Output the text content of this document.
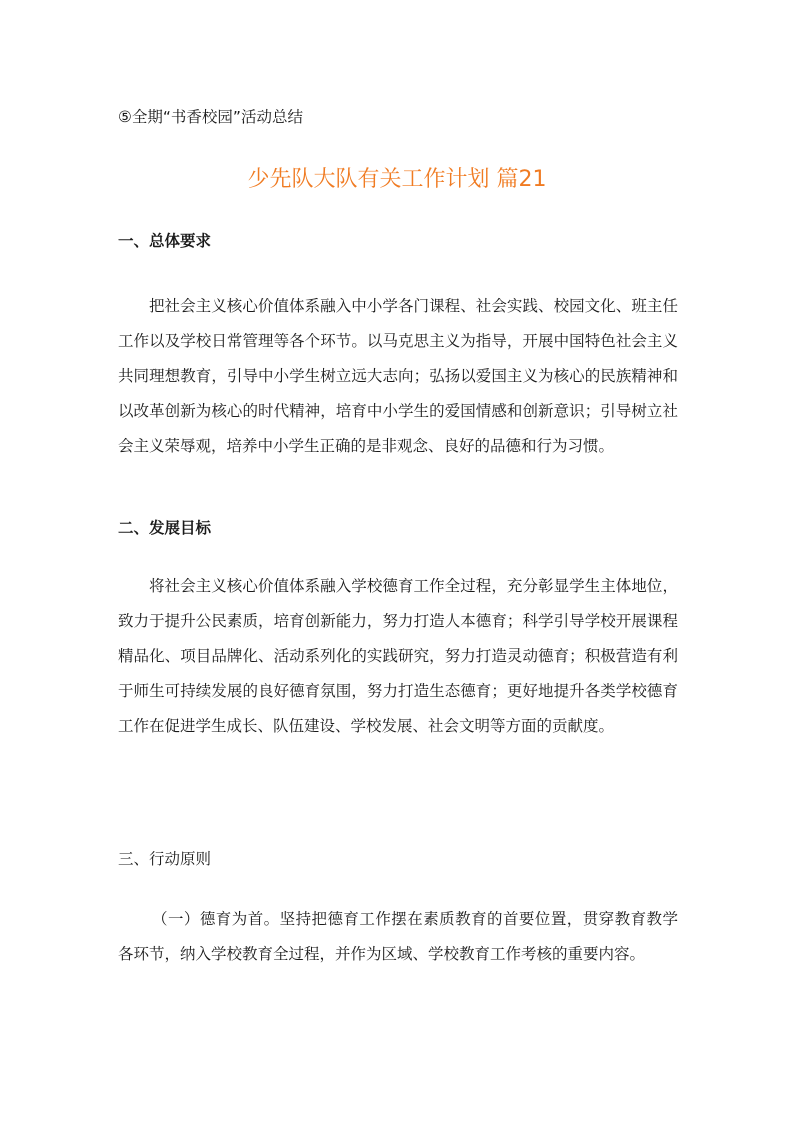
⑤全期“书香校园”活动总结
少先队大队有关工作计划 篇21
一、总体要求
把社会主义核心价值体系融入中小学各门课程、社会实践、校园文化、班主任工作以及学校日常管理等各个环节。以马克思主义为指导，开展中国特色社会主义共同理想教育，引导中小学生树立远大志向；弘扬以爱国主义为核心的民族精神和以改革创新为核心的时代精神，培育中小学生的爱国情感和创新意识；引导树立社会主义荣辱观，培养中小学生正确的是非观念、良好的品德和行为习惯。
二、发展目标
将社会主义核心价值体系融入学校德育工作全过程，充分彰显学生主体地位，致力于提升公民素质，培育创新能力，努力打造人本德育；科学引导学校开展课程精品化、项目品牌化、活动系列化的实践研究，努力打造灵动德育；积极营造有利于师生可持续发展的良好德育氛围，努力打造生态德育；更好地提升各类学校德育工作在促进学生成长、队伍建设、学校发展、社会文明等方面的贡献度。
三、行动原则
（一）德育为首。坚持把德育工作摆在素质教育的首要位置，贯穿教育教学各环节，纳入学校教育全过程，并作为区域、学校教育工作考核的重要内容。
